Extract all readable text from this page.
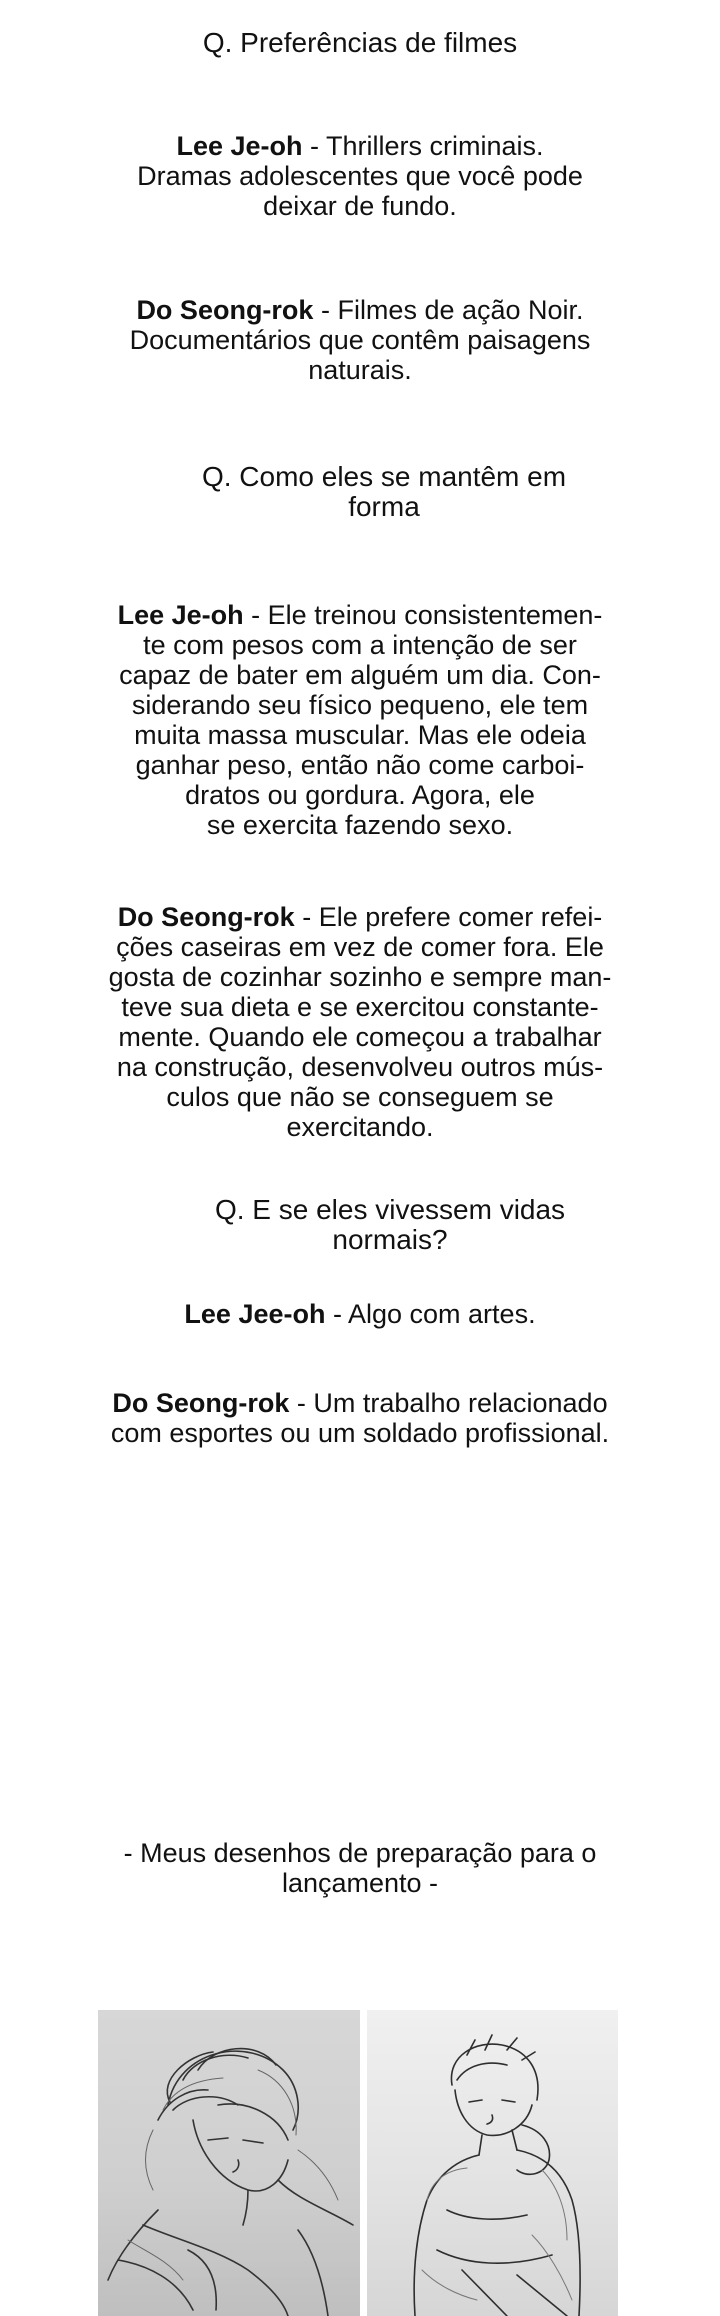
Q. Preferências de filmes

Lee Je-oh - Thrillers criminais.

Dramas adolescentes que você pode

deixar de fundo.

Do Seong-rok - Filmes de ação Noir.

Documentários que contêm paisagens

naturais.

Q. Como eles se mantêm em

forma

Lee Je-oh - Ele treinou consistentemen-

te com pesos com a intenção de ser

capaz de bater em alguém um dia. Con-

siderando seu físico pequeno, ele tem

muita massa muscular. Mas ele odeia

ganhar peso, então não come carboi-

dratos ou gordura. Agora, ele

se exercita fazendo sexo.

Do Seong-rok - Ele prefere comer refei-

ções caseiras em vez de comer fora. Ele

gosta de cozinhar sozinho e sempre man-

teve sua dieta e se exercitou constante-

mente. Quando ele começou a trabalhar

na construção, desenvolveu outros mús-

culos que não se conseguem se

exercitando.

Q. E se eles vivessem vidas

normais?

Lee Jee-oh - Algo com artes.

Do Seong-rok - Um trabalho relacionado

com esportes ou um soldado profissional.

- Meus desenhos de preparação para o

lançamento -
